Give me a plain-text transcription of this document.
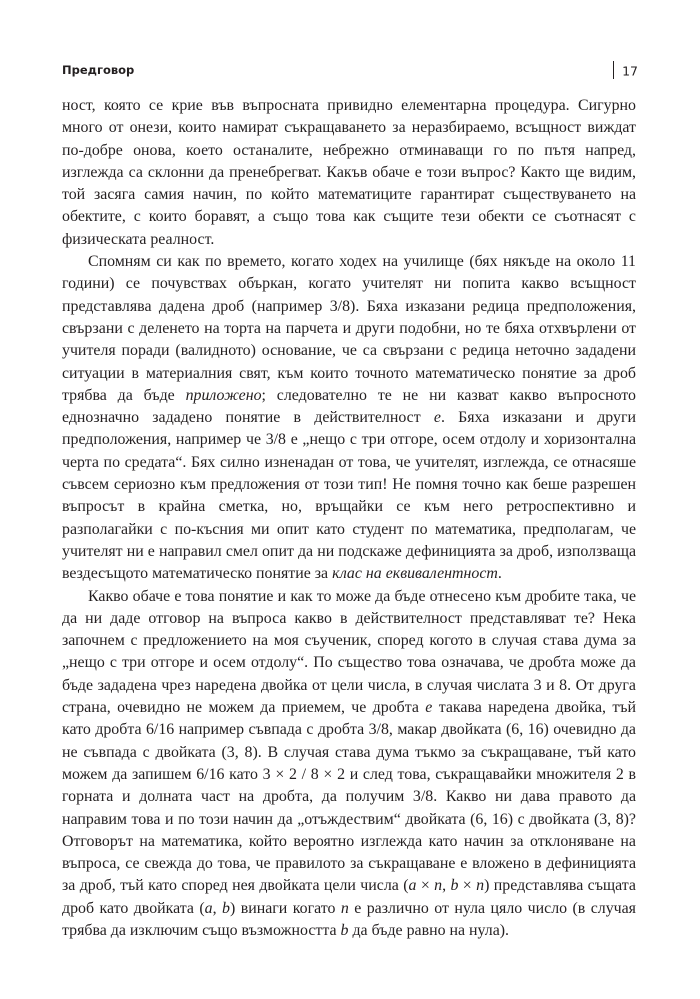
Предговор	17

ност, която се крие във въпросната привидно елементарна процедура. Сигурно много от онези, които намират съкращаването за неразбираемо, всъщност виждат по-добре онова, което останалите, небрежно отминаващи го по пътя напред, изглежда са склонни да пренебрегват. Какъв обаче е този въпрос? Както ще видим, той засяга самия начин, по който математиците гарантират съществуването на обектите, с които боравят, а също това как същите тези обекти се съотнасят с физическата реалност.

Спомням си как по времето, когато ходех на училище (бях някъде на около 11 години) се почувствах объркан, когато учителят ни попита какво всъщност представлява дадена дроб (например 3/8). Бяха изказани редица предположения, свързани с деленето на торта на парчета и други подобни, но те бяха отхвърлени от учителя поради (валидното) основание, че са свързани с редица неточно зададени ситуации в материалния свят, към които точното математическо понятие за дроб трябва да бъде приложено; следователно те не ни казват какво въпросното еднозначно зададено понятие в действителност е. Бяха изказани и други предположения, например че 3/8 е „нещо с три отгоре, осем отдолу и хоризонтална черта по средата“. Бях силно изненадан от това, че учителят, изглежда, се отнасяше съвсем сериозно към предложения от този тип! Не помня точно как беше разрешен въпросът в крайна сметка, но, връщайки се към него ретроспективно и разполагайки с по-късния ми опит като студент по математика, предполагам, че учителят ни е направил смел опит да ни подскаже дефиницията за дроб, използваща вездесъщото математическо понятие за клас на еквивалентност.

Какво обаче е това понятие и как то може да бъде отнесено към дробите така, че да ни даде отговор на въпроса какво в действителност представляват те? Нека започнем с предложението на моя съученик, според когото в случая става дума за „нещо с три отгоре и осем отдолу“. По същество това означава, че дробта може да бъде зададена чрез наредена двойка от цели числа, в случая числата 3 и 8. От друга страна, очевидно не можем да приемем, че дробта е такава наредена двойка, тъй като дробта 6/16 например съвпада с дробта 3/8, макар двойката (6, 16) очевидно да не съвпада с двойката (3, 8). В случая става дума тъкмо за съкращаване, тъй като можем да запишем 6/16 като 3 × 2 / 8 × 2 и след това, съкращавайки множителя 2 в горната и долната част на дробта, да получим 3/8. Какво ни дава правото да направим това и по този начин да „отъждествим“ двойката (6, 16) с двойката (3, 8)? Отговорът на математика, който вероятно изглежда като начин за отклоняване на въпроса, се свежда до това, че правилото за съкращаване е вложено в дефиницията за дроб, тъй като според нея двойката цели числа (a × n, b × n) представлява същата дроб като двойката (a, b) винаги когато n е различно от нула цяло число (в случая трябва да изключим също възможността b да бъде равно на нула).
